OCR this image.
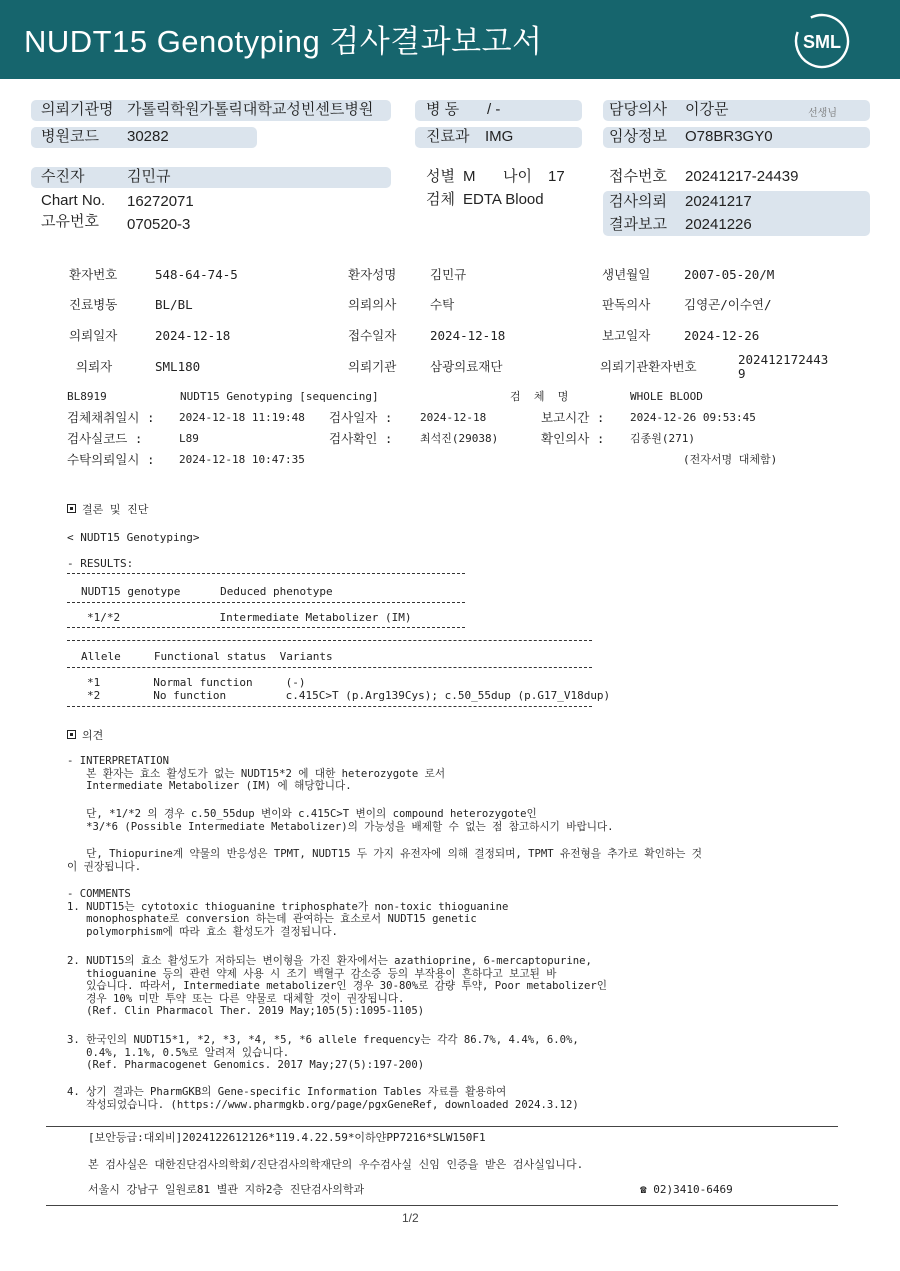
NUDT15 Genotyping 검사결과보고서	SML
의뢰기관명 가톨릭학원가톨릭대학교성빈센트병원	병 동 / -	담당의사 이강문	선생님
병원코드 30282	진료과 IMG	임상정보 O78BR3GY0
수진자	김민규	성별 M 나이 17	접수번호 20241217-24439
Chart No. 16272071	검체 EDTA Blood	검사의뢰 20241217
고유번호 070520-3	결과보고 20241226
환자번호	548-64-74-5	환자성명	김민규	생년월일	2007-05-20/M
진료병동	BL/BL	의뢰의사	수탁	판독의사	김영곤/이수연/
의뢰일자	2024-12-18	접수일자	2024-12-18	보고일자	2024-12-26
의뢰자	SML180	의뢰기관	삼광의료재단	의뢰기관환자번호	202412172443
9
BL8919	NUDT15 Genotyping [sequencing]	검  체  명	WHOLE BLOOD
검체채취일시 : 2024-12-18 11:19:48 검사일자 :	2024-12-18	보고시간 : 2024-12-26 09:53:45
검사실코드 :	L89	검사확인 :	최석진(29038)	확인의사 : 김종원(271)
수탁의뢰일시 : 2024-12-18 10:47:35	(전자서명 대체함)
결론 및 진단
< NUDT15 Genotyping>
- RESULTS:
NUDT15 genotype      Deduced phenotype
*1/*2               Intermediate Metabolizer (IM)
Allele     Functional status  Variants
*1        Normal function     (-)
*2        No function         c.415C>T (p.Arg139Cys); c.50_55dup (p.G17_V18dup)
의견
- INTERPRETATION
본 환자는 효소 활성도가 없는 NUDT15*2 에 대한 heterozygote 로서
Intermediate Metabolizer (IM) 에 해당합니다.
단, *1/*2 의 경우 c.50_55dup 변이와 c.415C>T 변이의 compound heterozygote인
*3/*6 (Possible Intermediate Metabolizer)의 가능성을 배제할 수 없는 점 참고하시기 바랍니다.
단, Thiopurine계 약물의 반응성은 TPMT, NUDT15 두 가지 유전자에 의해 결정되며, TPMT 유전형을 추가로 확인하는 것
이 권장됩니다.
- COMMENTS
1. NUDT15는 cytotoxic thioguanine triphosphate가 non-toxic thioguanine
monophosphate로 conversion 하는데 관여하는 효소로서 NUDT15 genetic
polymorphism에 따라 효소 활성도가 결정됩니다.
2. NUDT15의 효소 활성도가 저하되는 변이형을 가진 환자에서는 azathioprine, 6-mercaptopurine,
thioguanine 등의 관련 약제 사용 시 조기 백혈구 감소증 등의 부작용이 흔하다고 보고된 바
있습니다. 따라서, Intermediate metabolizer인 경우 30-80%로 감량 투약, Poor metabolizer인
경우 10% 미만 투약 또는 다른 약물로 대체할 것이 권장됩니다.
(Ref. Clin Pharmacol Ther. 2019 May;105(5):1095-1105)
3. 한국인의 NUDT15*1, *2, *3, *4, *5, *6 allele frequency는 각각 86.7%, 4.4%, 6.0%,
0.4%, 1.1%, 0.5%로 알려져 있습니다.
(Ref. Pharmacogenet Genomics. 2017 May;27(5):197-200)
4. 상기 결과는 PharmGKB의 Gene-specific Information Tables 자료를 활용하여
작성되었습니다. (https://www.pharmgkb.org/page/pgxGeneRef, downloaded 2024.3.12)
[보안등급:대외비]2024122612126*119.4.22.59*이하얀PP7216*SLW150F1
본 검사실은 대한진단검사의학회/진단검사의학재단의 우수검사실 신임 인증을 받은 검사실입니다.
서울시 강남구 일원로81 별관 지하2층 진단검사의학과	☎ 02)3410-6469
1/2
